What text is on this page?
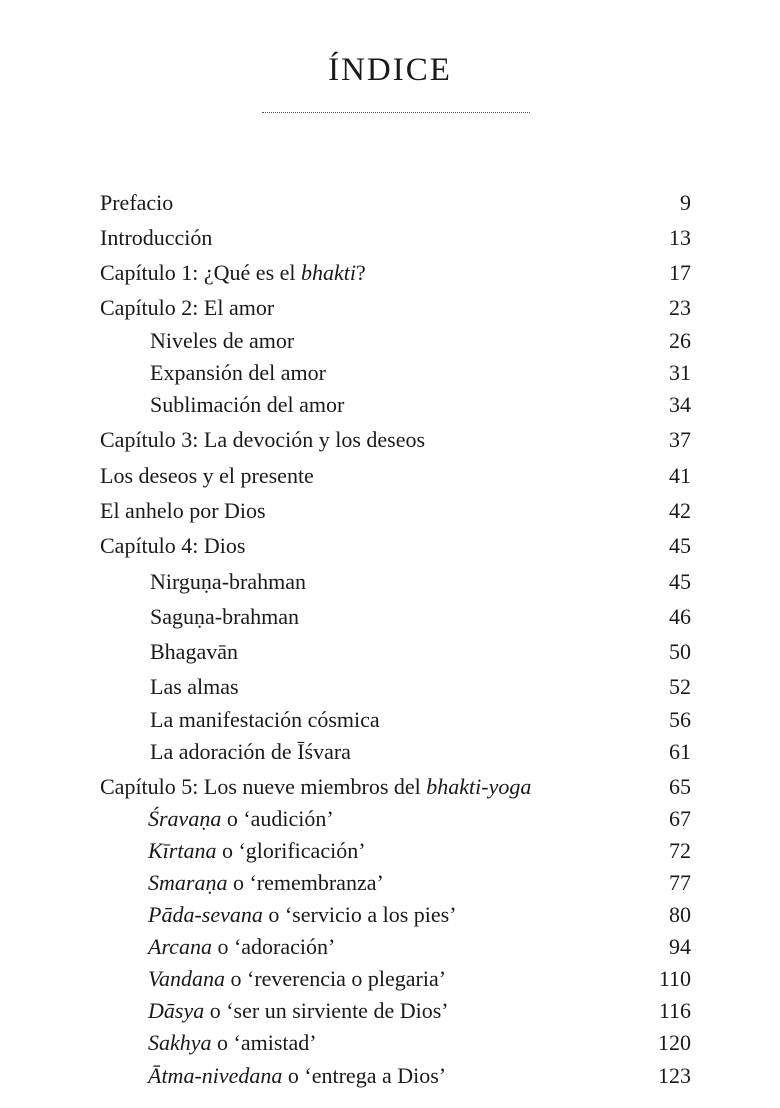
ÍNDICE
Prefacio	9
Introducción	13
Capítulo 1: ¿Qué es el bhakti?	17
Capítulo 2: El amor	23
Niveles de amor	26
Expansión del amor	31
Sublimación del amor	34
Capítulo 3: La devoción y los deseos	37
Los deseos y el presente	41
El anhelo por Dios	42
Capítulo 4: Dios	45
Nirguṇa-brahman	45
Saguṇa-brahman	46
Bhagavān	50
Las almas	52
La manifestación cósmica	56
La adoración de Īśvara	61
Capítulo 5: Los nueve miembros del bhakti-yoga	65
Śravaṇa o ‘audición’	67
Kīrtana o ‘glorificación’	72
Smaraṇa o ‘remembranza’	77
Pāda-sevana o ‘servicio a los pies’	80
Arcana o ‘adoración’	94
Vandana o ‘reverencia o plegaria’	110
Dāsya o ‘ser un sirviente de Dios’	116
Sakhya o ‘amistad’	120
Ātma-nivedana o ‘entrega a Dios’	123
